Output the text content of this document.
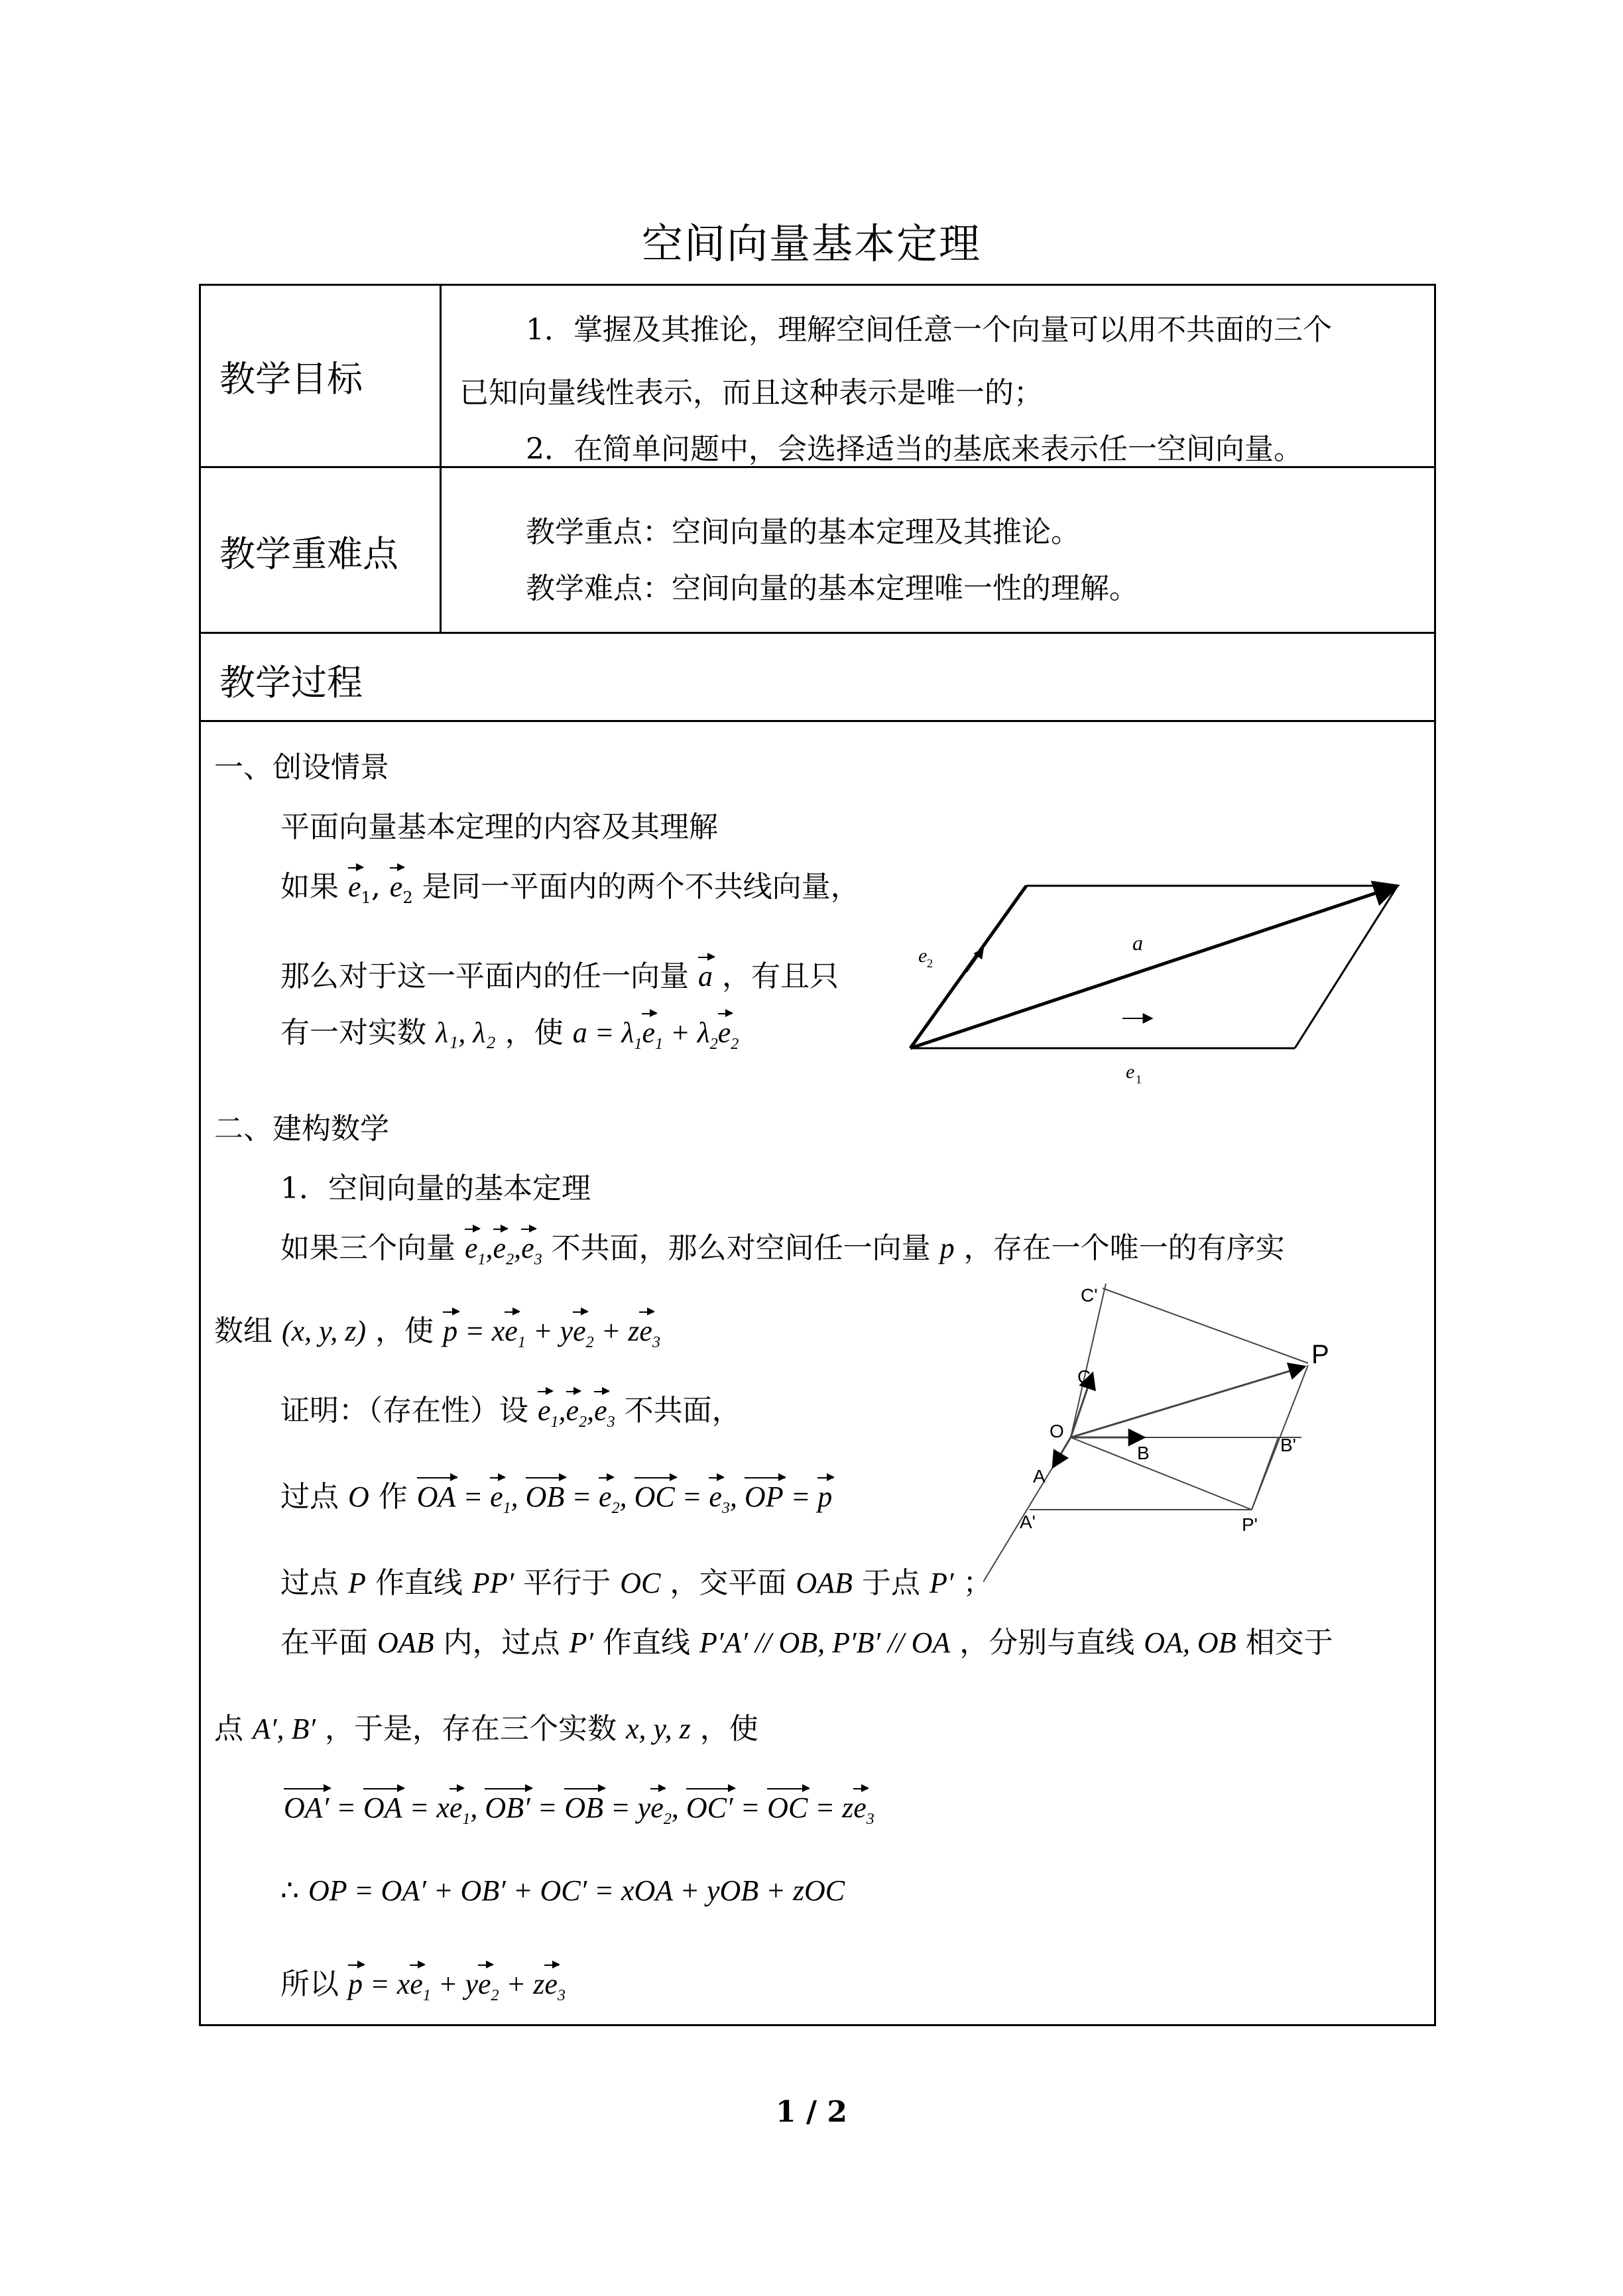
空间向量基本定理
教学目标
1．掌握及其推论，理解空间任意一个向量可以用不共面的三个
已知向量线性表示，而且这种表示是唯一的；
2．在简单问题中，会选择适当的基底来表示任一空间向量。
教学重难点
教学重点：空间向量的基本定理及其推论。
教学难点：空间向量的基本定理唯一性的理解。
教学过程
一、创设情景
平面向量基本定理的内容及其理解
如果 $e_1$, $e_2$ 是同一平面内的两个不共线向量，
那么对于这一平面内的任一向量 a ，有且只
有一对实数 λ₁, λ₂ ，使 $a = \lambda_1e_1 + \lambda_2e_2$
e 2
a
e 1
二、建构数学
1．空间向量的基本定理
如果三个向量 $e_1,e_2,e_3$ 不共面，那么对空间任一向量 p ，存在一个唯一的有序实
数组 (x, y, z) ，使 $p = xe_1 + ye_2 + ze_3$
证明：（存在性）设 $e_1,e_2,e_3$ 不共面，
过点 O 作 OA = $e_1$, OB = $e_2$, OC = $e_3$, OP = p
过点 P 作直线 PP′ 平行于 OC ，交平面 OAB 于点 P′ ；
在平面 OAB 内，过点 P′ 作直线 P′A′ // OB, P′B′ // OA ，分别与直线 OA, OB 相交于
点 A′, B′ ，于是，存在三个实数 x, y, z ，使
OA′ = OA = $xe_1$, OB′ = OB = $ye_2$, OC′ = OC = $ze_3$
∴ OP = OA′ + OB′ + OC′ = xOA + yOB + zOC
所以 $p = xe_1 + ye_2 + ze_3$
C'
C
P
O
B	B'
A
A'	P'
1 / 2
